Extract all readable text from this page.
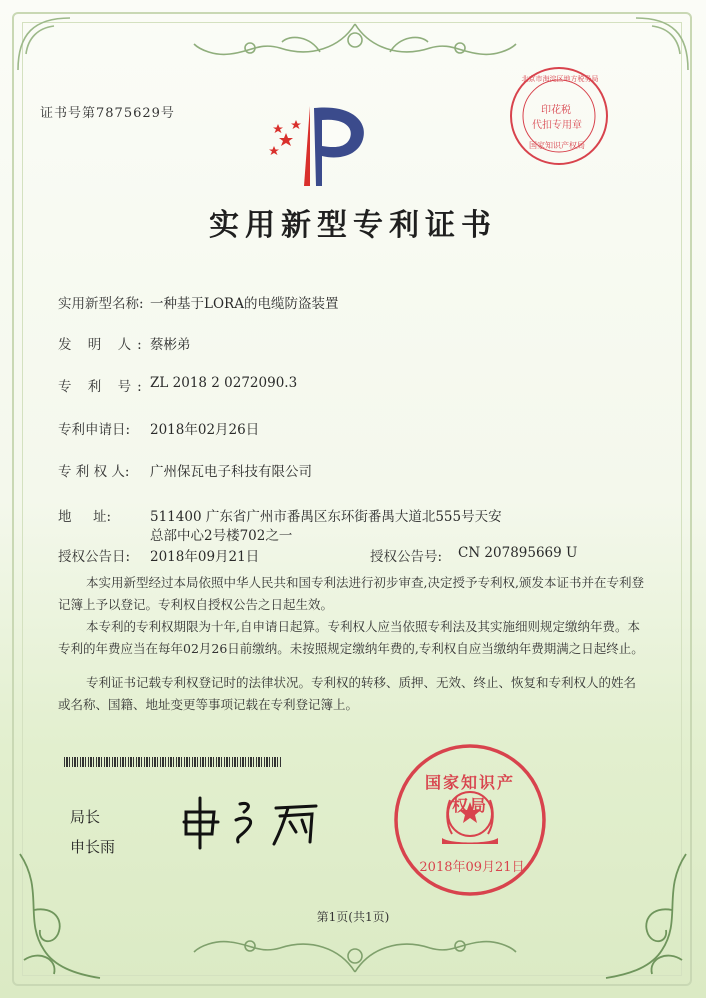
证书号第7875629号	印花税
代扣专用章
北京市海淀区地方税务局
国家知识产权局
实用新型专利证书
实用新型名称: 一种基于LORA的电缆防盗装置
发 明 人: 蔡彬弟
专 利 号: ZL 2018 2 0272090.3
专利申请日: 2018年02月26日
专 利 权 人: 广州保瓦电子科技有限公司
地     址:	511400 广东省广州市番禺区东环街番禺大道北555号天安
总部中心2号楼702之一
授权公告日: 2018年09月21日	授权公告号: CN 207895669 U
本实用新型经过本局依照中华人民共和国专利法进行初步审查,决定授予专利权,颁发本证书并在专利登记簿上予以登记。专利权自授权公告之日起生效。
本专利的专利权期限为十年,自申请日起算。专利权人应当依照专利法及其实施细则规定缴纳年费。本专利的年费应当在每年02月26日前缴纳。未按照规定缴纳年费的,专利权自应当缴纳年费期满之日起终止。
专利证书记载专利权登记时的法律状况。专利权的转移、质押、无效、终止、恢复和专利权人的姓名或名称、国籍、地址变更等事项记载在专利登记簿上。
国家知识产权局
2018年09月21日
局长
申长雨
第1页(共1页)
